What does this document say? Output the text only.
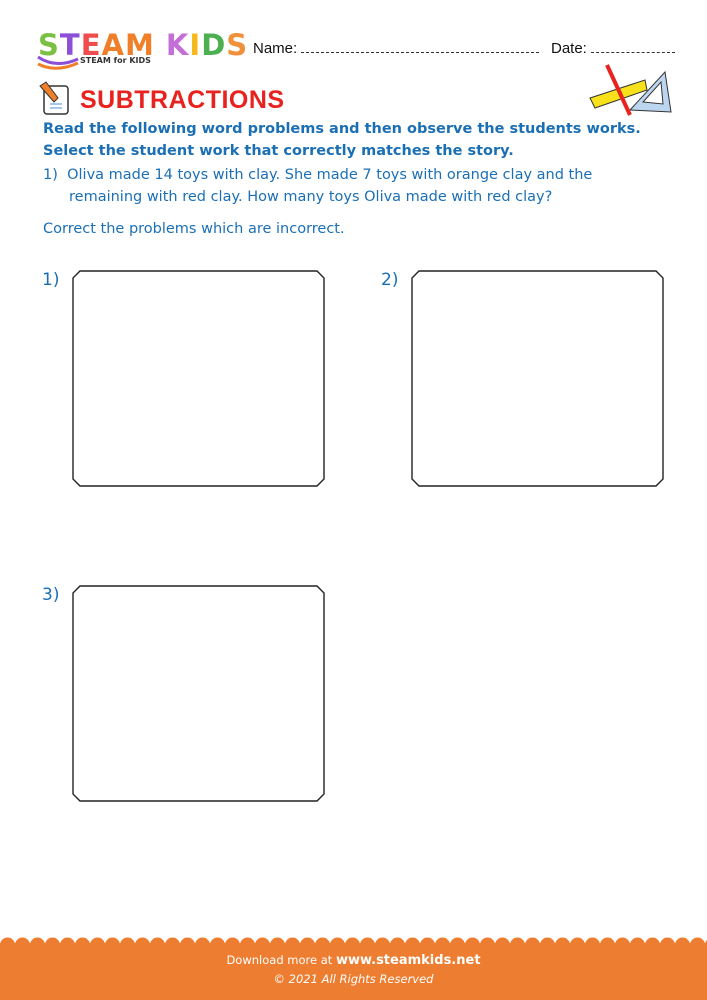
STEAM KIDS
STEAM for KIDS
Name:	Date:
SUBTRACTIONS
Read the following word problems and then observe the students works. Select the student work that correctly matches the story.
1) Oliva made 14 toys with clay. She made 7 toys with orange clay and the remaining with red clay. How many toys Oliva made with red clay?
Correct the problems which are incorrect.
1)	2)
3)
Download more at www.steamkids.net
© 2021 All Rights Reserved
